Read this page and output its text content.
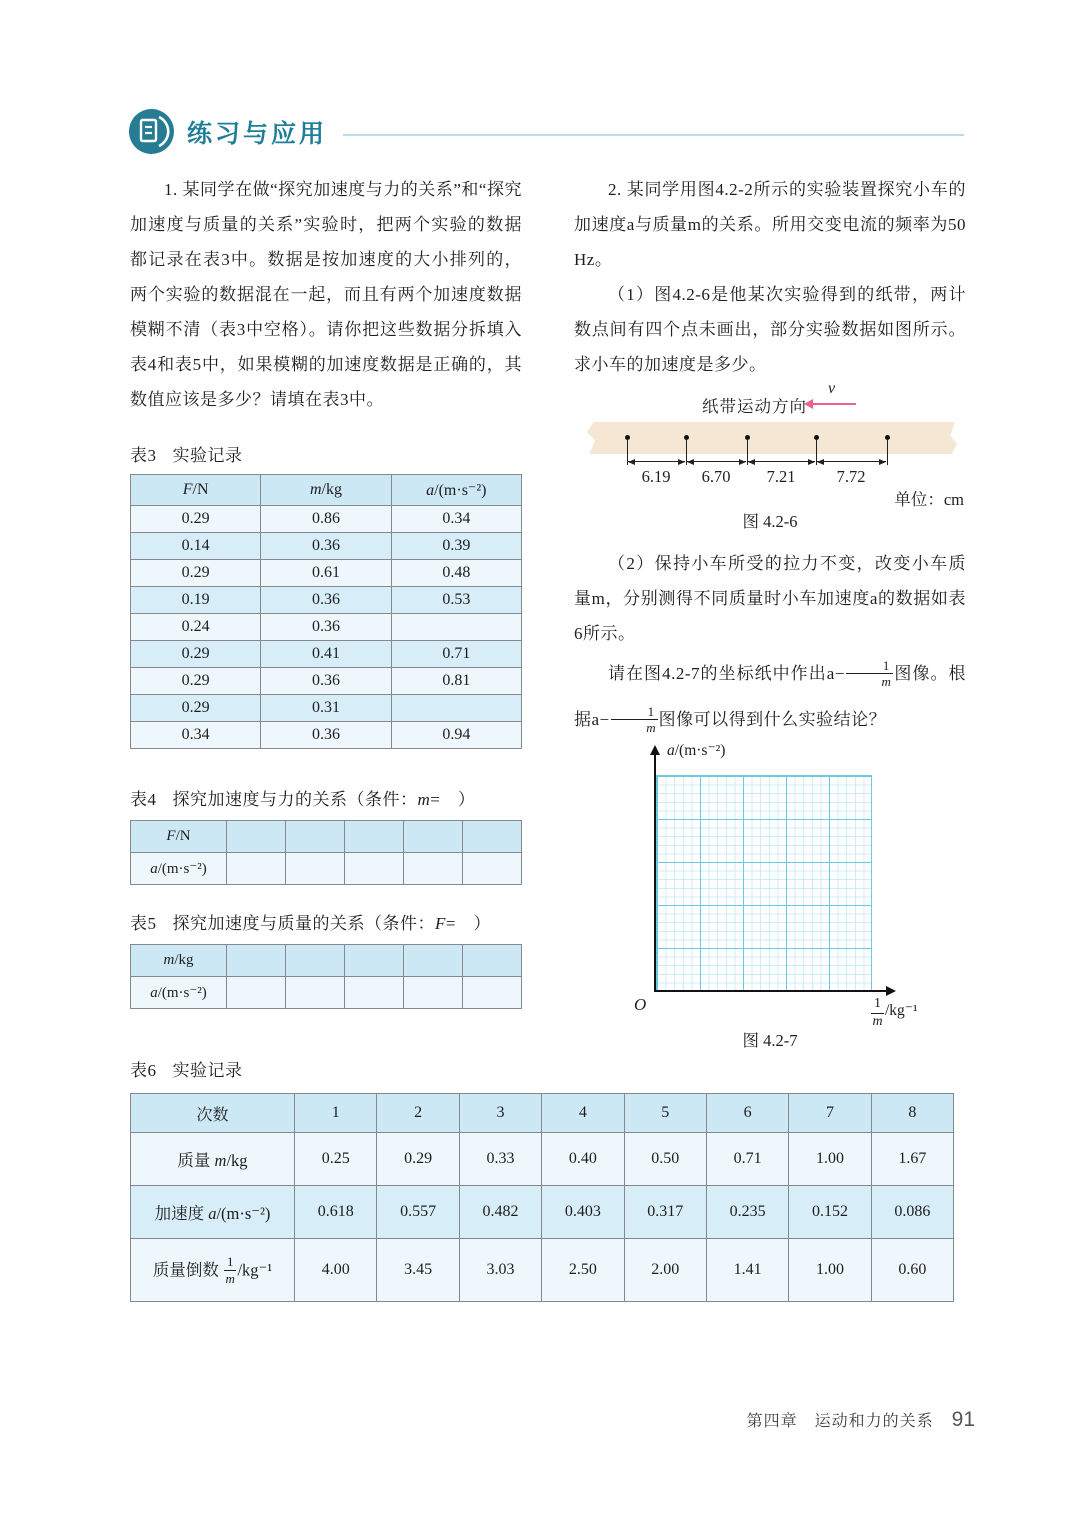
练习与应用

1. 某同学在做“探究加速度与力的关系”和“探究加速度与质量的关系”实验时，把两个实验的数据都记录在表3中。数据是按加速度的大小排列的，两个实验的数据混在一起，而且有两个加速度数据模糊不清（表3中空格）。请你把这些数据分拆填入表4和表5中，如果模糊的加速度数据是正确的，其数值应该是多少？请填在表3中。

表3 实验记录

F/N	m/kg	a/(m·s⁻²)
0.29	0.86	0.34
0.14	0.36	0.39
0.29	0.61	0.48
0.19	0.36	0.53
0.24	0.36	
0.29	0.41	0.71
0.29	0.36	0.81
0.29	0.31	
0.34	0.36	0.94

表4 探究加速度与力的关系（条件：m=　）

F/N					
a/(m·s⁻²)					

表5 探究加速度与质量的关系（条件：F=　）

m/kg					
a/(m·s⁻²)					

2. 某同学用图4.2-2所示的实验装置探究小车的加速度a与质量m的关系。所用交变电流的频率为50 Hz。

（1）图4.2-6是他某次实验得到的纸带，两计数点间有四个点未画出，部分实验数据如图所示。求小车的加速度是多少。

纸带运动方向
v
6.19	6.70	7.21	7.72
单位：cm
图 4.2-6

（2）保持小车所受的拉力不变，改变小车质量m，分别测得不同质量时小车加速度a的数据如表6所示。

请在图4.2-7的坐标纸中作出$a- \frac{1}{m}$ 图像。根据$a- \frac{1}{m}$ 图像可以得到什么实验结论？

a/(m·s⁻²)
O	$\frac{1}{m} /kg^{-1}$
图 4.2-7

表6 实验记录

次数	1	2	3	4	5	6	7	8
质量 m/kg	0.25	0.29	0.33	0.40	0.50	0.71	1.00	1.67
加速度 a/(m·s⁻²)	0.618	0.557	0.482	0.403	0.317	0.235	0.152	0.086
质量倒数 $\frac{1}{m} /kg^{-1}$	4.00	3.45	3.03	2.50	2.00	1.41	1.00	0.60
第四章　运动和力的关系 91
